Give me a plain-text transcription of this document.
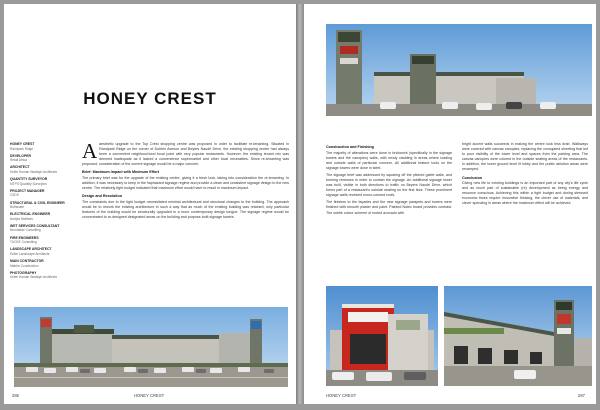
HONEY CREST
HONEY CREST
Randpark Ridge
DEVELOPER
Retail Africa
ARCHITECT
Keller Homan Wanklyn Architects
QUANTITY SURVEYOR
MTPS Quantity Surveyors
PROJECT MANAGER
CSDS
STRUCTURAL & CIVIL ENGINEER
Bothwater
ELECTRICAL ENGINEER
Nortjes Mofitses
WET SERVICES CONSULTANT
Neomaker Consulting
FIRE ENGINEERS
TUCKE Consulting
LANDSCAPE ARCHITECT
Keller Landscape Architects
MAIN CONTRACTOR
Mabbe Construction
PHOTOGRAPHY
Keller Homan Wanklyn Architects

Aaesthetic upgrade to the Top Crest shopping centre was proposed in order to facilitate re-tenanting. Situated in Randpark Ridge on the corner of Dubbin Avenue and Beyers Naudé Drive, the existing shopping centre had always been a convenient neighbourhood focal point with very popular restaurants. However, the existing tenant mix was deemed inadequate as it lacked a convenience supermarket and other local necessities. Since re-tenanting was proposed, consideration of the current signage would be a major concern.

Brief: Maximum Impact with Minimum Effort

The primary brief was for the upgrade of the existing centre, giving it a fresh look, taking into consideration the re-tenanting. In addition, it was necessary to keep in the haphazard signage regime and provide a clean and consistent signage design to the new centre. The relatively tight budget indicated that maximum effort would have to result in maximum impact.

Design and Resolution

The constraints due to the tight budget necessitated minimal architectural and structural changes to the building. The approach would be to rework the existing architecture in such a way that as much of the existing building was retained; only particular features of the building would be structurally upgraded in a more contemporary design tongue. The signage regime would be concentrated to re-designed designated areas on the building and purpose-built signage towers.

286	HONEY CREST
Construction and Finishing

The majority of alterations were done in brickwork (specifically in the signage towers and the canopies) walls, with newly cladding in areas where loading and outside walls of particular concern. All additional feature tools on the signage towers were done in steel.

The signage brief was addressed by squaring off the pitched gable walls, and forming recesses in order to contain the signage. An additional signage tower was built, visible in both directions to traffic on Beyers Naudé Drive, which forms part of a restaurant's outside seating on the first floor. These prominent signage walls received mono-colored roofs.

The finishes to the façades and the new signage parapets and towers were finished with smooth plaster and paint. Painted Nutec board provides contrast. The subtle colour scheme of muted avocado with

bright accent walls succeeds in making the centre look less drab. Walkways were covered with canvas canopies, replacing the corrugated sheeting that led to poor visibility of the tower level and spaces from the parking area. The canvas canopies were colored in the outside seating areas of the restaurants. In addition, the lower ground level lit lobby and the public ablution areas were revamped.

Conclusion

Giving new life to existing buildings is an important part of any city's life cycle and as much part of sustainable (re) development as being energy and resource conscious. Achieving this within a tight budget and during stressed economic times require innovative thinking, the clever use of materials, and clever spending in areas where the maximum effect will be achieved.

HONEY CREST	287
